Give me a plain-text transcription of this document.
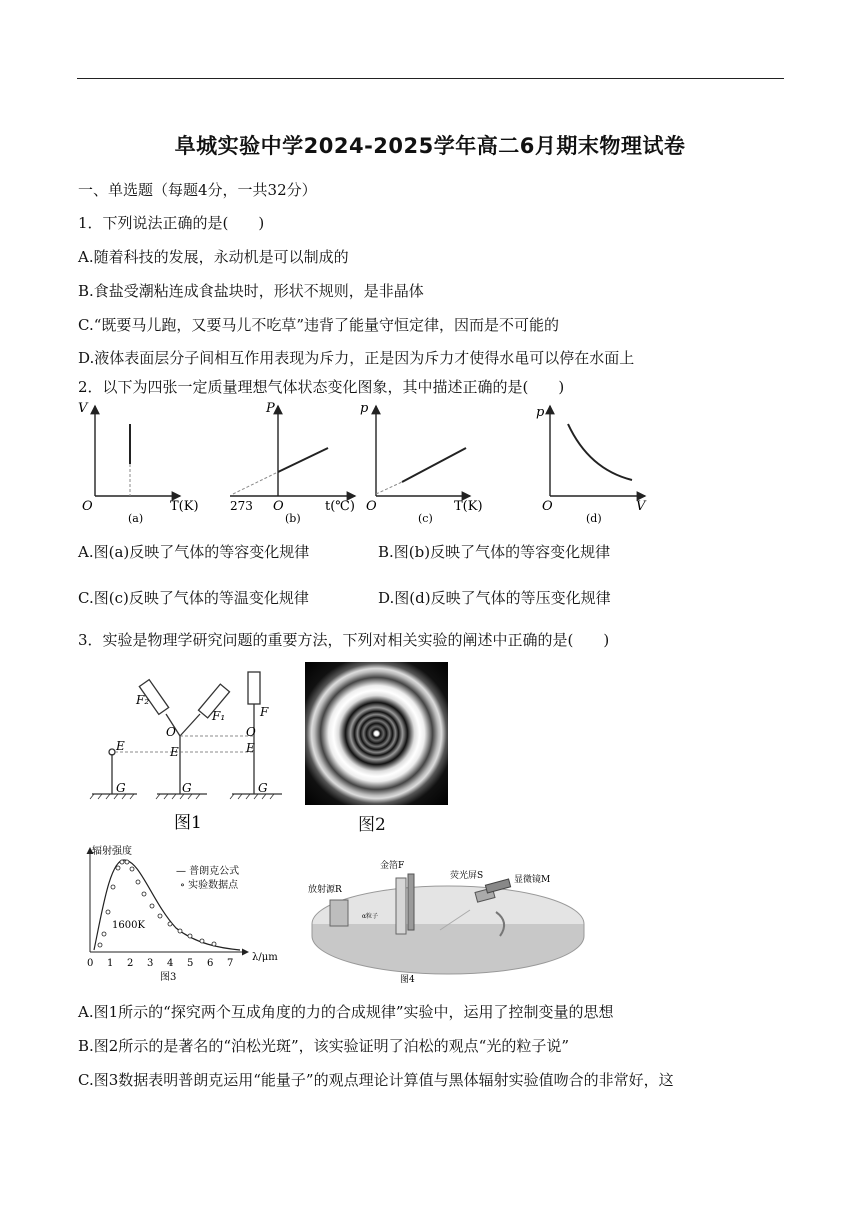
阜城实验中学2024-2025学年高二6月期末物理试卷
一、单选题（每题4分，一共32分）
1．下列说法正确的是(　　)
A.随着科技的发展，永动机是可以制成的
B.食盐受潮粘连成食盐块时，形状不规则，是非晶体
C.“既要马儿跑，又要马儿不吃草”违背了能量守恒定律，因而是不可能的
D.液体表面层分子间相互作用表现为斥力，正是因为斥力才使得水黾可以停在水面上
2．以下为四张一定质量理想气体状态变化图象，其中描述正确的是(　　)
V
O	T(K)
(a)
P
273 O	t(℃)
(b)
p
O	T(K)
(c)
p
O	V
(d)
A.图(a)反映了气体的等容变化规律	B.图(b)反映了气体的等容变化规律
C.图(c)反映了气体的等温变化规律	D.图(d)反映了气体的等压变化规律
3．实验是物理学研究问题的重要方法，下列对相关实验的阐述中正确的是(　　)
F₂
F₁	F
O	O
E	E	E
G	G	G
图1	图2
辐射强度
— 普朗克公式
∘ 实验数据点
1600K
λ/μm
0 1 2 3 4 5 6 7
图3
放射源R
金箔F
荧光屏S	显微镜M
α粒子
图4
A.图1所示的“探究两个互成角度的力的合成规律”实验中，运用了控制变量的思想
B.图2所示的是著名的“泊松光斑”，该实验证明了泊松的观点“光的粒子说”
C.图3数据表明普朗克运用“能量子”的观点理论计算值与黑体辐射实验值吻合的非常好，这
